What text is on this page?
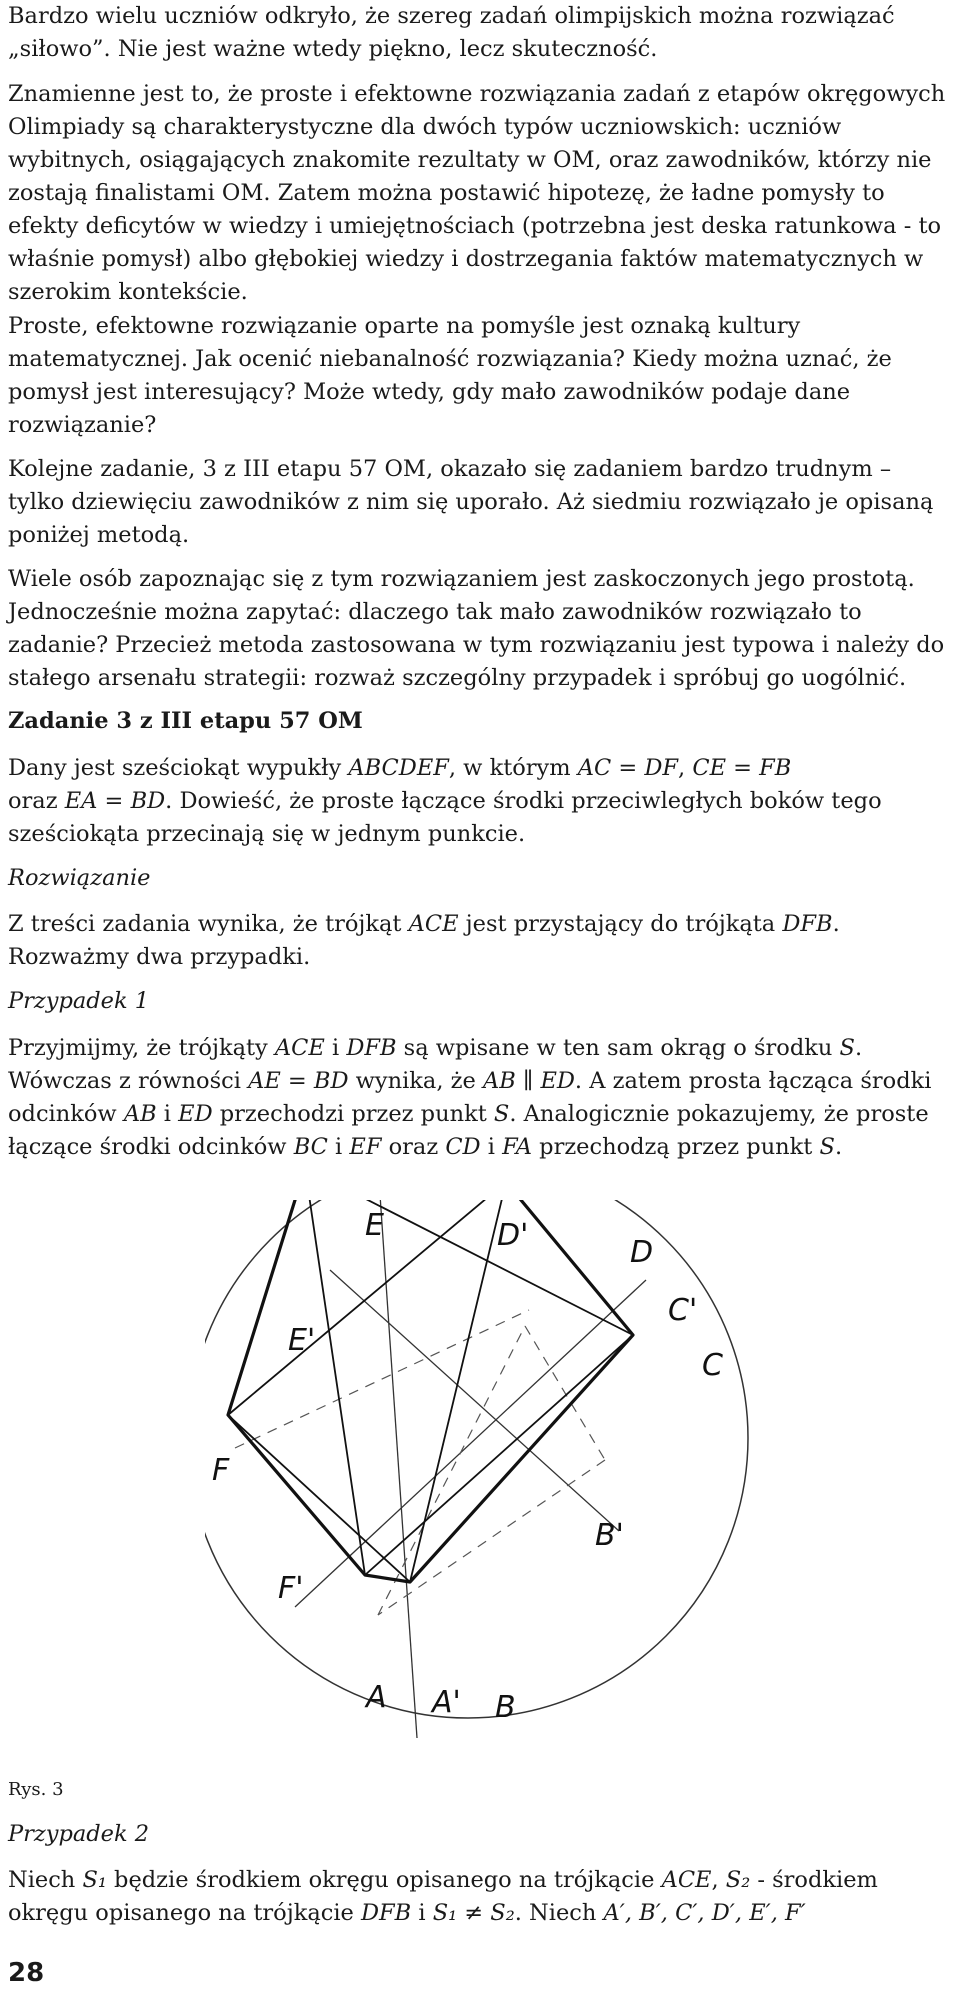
Bardzo wielu uczniów odkryło, że szereg zadań olimpijskich można rozwiązać „siłowo”. Nie jest ważne wtedy piękno, lecz skuteczność.

Znamienne jest to, że proste i efektowne rozwiązania zadań z etapów okręgowych Olimpiady są charakterystyczne dla dwóch typów uczniowskich: uczniów wybitnych, osiągających znakomite rezultaty w OM, oraz zawodników, którzy nie zostają finalistami OM. Zatem można postawić hipotezę, że ładne pomysły to efekty deficytów w wiedzy i umiejętnościach (potrzebna jest deska ratunkowa - to właśnie pomysł) albo głębokiej wiedzy i dostrzegania faktów matematycznych w szerokim kontekście.

Proste, efektowne rozwiązanie oparte na pomyśle jest oznaką kultury matematycznej. Jak ocenić niebanalność rozwiązania? Kiedy można uznać, że pomysł jest interesujący? Może wtedy, gdy mało zawodników podaje dane rozwiązanie?

Kolejne zadanie, 3 z III etapu 57 OM, okazało się zadaniem bardzo trudnym – tylko dziewięciu zawodników z nim się uporało. Aż siedmiu rozwiązało je opisaną poniżej metodą.

Wiele osób zapoznając się z tym rozwiązaniem jest zaskoczonych jego prostotą. Jednocześnie można zapytać: dlaczego tak mało zawodników rozwiązało to zadanie? Przecież metoda zastosowana w tym rozwiązaniu jest typowa i należy do stałego arsenału strategii: rozważ szczególny przypadek i spróbuj go uogólnić.

Zadanie 3 z III etapu 57 OM

Dany jest sześciokąt wypukły ABCDEF, w którym AC = DF, CE = FB
oraz EA = BD. Dowieść, że proste łączące środki przeciwległych boków tego sześciokąta przecinają się w jednym punkcie.

Rozwiązanie

Z treści zadania wynika, że trójkąt ACE jest przystający do trójkąta DFB. Rozważmy dwa przypadki.

Przypadek 1

Przyjmijmy, że trójkąty ACE i DFB są wpisane w ten sam okrąg o środku S. Wówczas z równości AE = BD wynika, że AB ∥ ED. A zatem prosta łącząca środki odcinków AB i ED przechodzi przez punkt S. Analogicznie pokazujemy, że proste łączące środki odcinków BC i EF oraz CD i FA przechodzą przez punkt S.

E	D'	D
C'
C
E'
F
B'
F'
A A' B
Rys. 3

Przypadek 2

Niech S₁ będzie środkiem okręgu opisanego na trójkącie ACE, S₂ - środkiem okręgu opisanego na trójkącie DFB i S₁ ≠ S₂. Niech A′, B′, C′, D′, E′, F′

28
